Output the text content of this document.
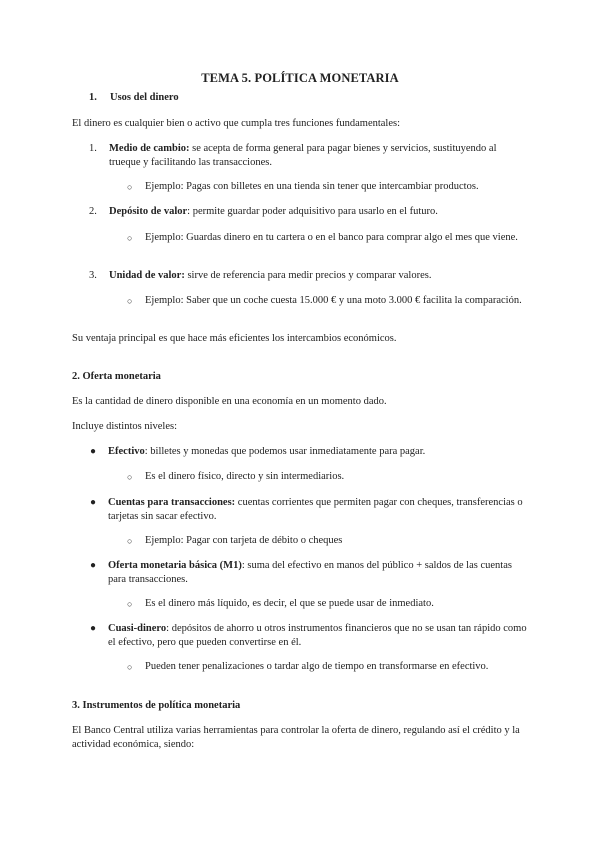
TEMA 5. POLÍTICA MONETARIA
1. Usos del dinero
El dinero es cualquier bien o activo que cumpla tres funciones fundamentales:
1. Medio de cambio: se acepta de forma general para pagar bienes y servicios, sustituyendo al trueque y facilitando las transacciones.
○ Ejemplo: Pagas con billetes en una tienda sin tener que intercambiar productos.
2. Depósito de valor: permite guardar poder adquisitivo para usarlo en el futuro.
○ Ejemplo: Guardas dinero en tu cartera o en el banco para comprar algo el mes que viene.
3. Unidad de valor: sirve de referencia para medir precios y comparar valores.
○ Ejemplo: Saber que un coche cuesta 15.000 € y una moto 3.000 € facilita la comparación.
Su ventaja principal es que hace más eficientes los intercambios económicos.
2. Oferta monetaria
Es la cantidad de dinero disponible en una economía en un momento dado.
Incluye distintos niveles:
● Efectivo: billetes y monedas que podemos usar inmediatamente para pagar.
○ Es el dinero físico, directo y sin intermediarios.
● Cuentas para transacciones: cuentas corrientes que permiten pagar con cheques, transferencias o tarjetas sin sacar efectivo.
○ Ejemplo: Pagar con tarjeta de débito o cheques
● Oferta monetaria básica (M1): suma del efectivo en manos del público + saldos de las cuentas para transacciones.
○ Es el dinero más líquido, es decir, el que se puede usar de inmediato.
● Cuasi-dinero: depósitos de ahorro u otros instrumentos financieros que no se usan tan rápido como el efectivo, pero que pueden convertirse en él.
○ Pueden tener penalizaciones o tardar algo de tiempo en transformarse en efectivo.
3. Instrumentos de política monetaria
El Banco Central utiliza varias herramientas para controlar la oferta de dinero, regulando así el crédito y la actividad económica, siendo:
